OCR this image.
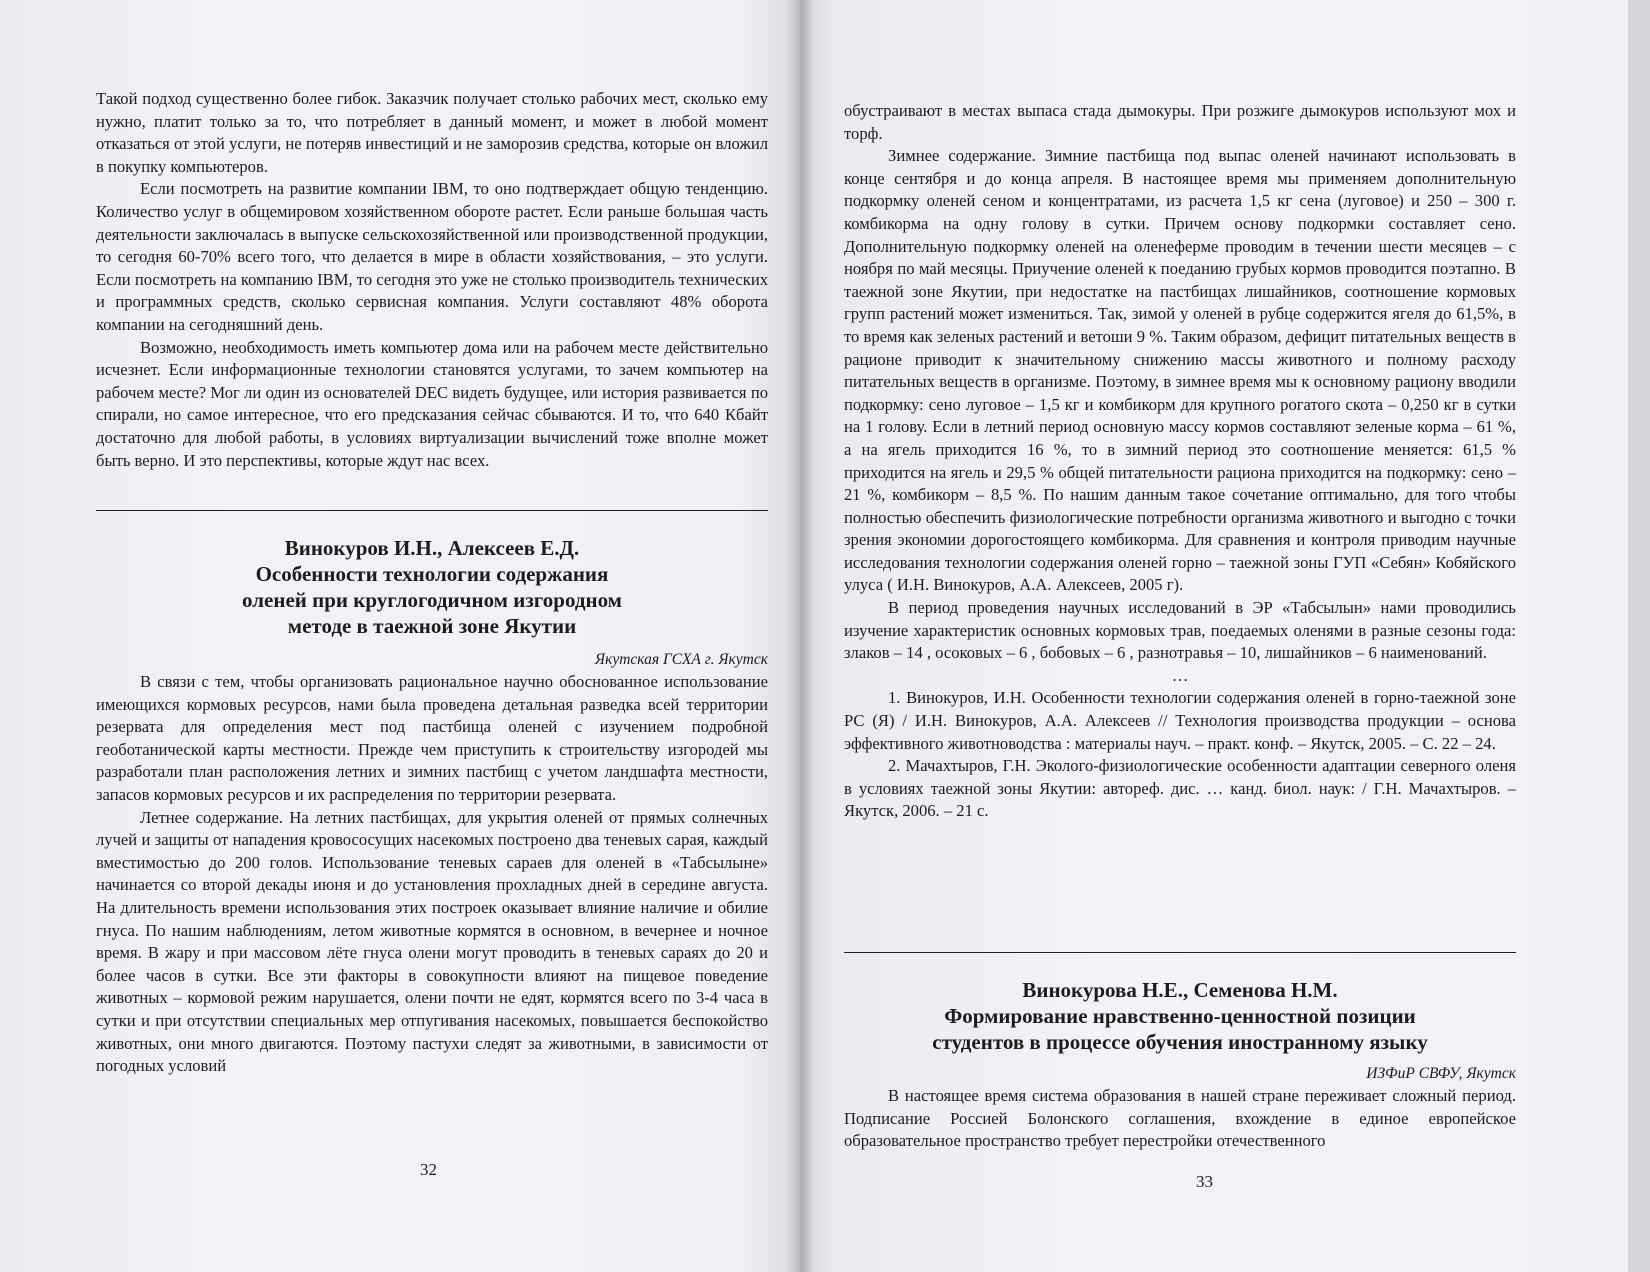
Такой подход существенно более гибок. Заказчик получает столько рабочих мест, сколько ему нужно, платит только за то, что потребляет в данный момент, и может в любой момент отказаться от этой услуги, не потеряв инвестиций и не заморозив средства, которые он вложил в покупку компьютеров.

Если посмотреть на развитие компании IBM, то оно подтверждает общую тенденцию. Количество услуг в общемировом хозяйственном обороте растет. Если раньше большая часть деятельности заключалась в выпуске сельскохозяйственной или производственной продукции, то сегодня 60-70% всего того, что делается в мире в области хозяйствования, – это услуги. Если посмотреть на компанию IBM, то сегодня это уже не столько производитель технических и программных средств, сколько сервисная компания. Услуги составляют 48% оборота компании на сегодняшний день.

Возможно, необходимость иметь компьютер дома или на рабочем месте действительно исчезнет. Если информационные технологии становятся услугами, то зачем компьютер на рабочем месте? Мог ли один из основателей DEC видеть будущее, или история развивается по спирали, но самое интересное, что его предсказания сейчас сбываются. И то, что 640 Кбайт достаточно для любой работы, в условиях виртуализации вычислений тоже вполне может быть верно. И это перспективы, которые ждут нас всех.

Винокуров И.Н., Алексеев Е.Д.
Особенности технологии содержания
оленей при круглогодичном изгородном
методе в таежной зоне Якутии
Якутская ГСХА г. Якутск

В связи с тем, чтобы организовать рациональное научно обоснованное использование имеющихся кормовых ресурсов, нами была проведена детальная разведка всей территории резервата для определения мест под пастбища оленей с изучением подробной геоботанической карты местности. Прежде чем приступить к строительству изгородей мы разработали план расположения летних и зимних пастбищ с учетом ландшафта местности, запасов кормовых ресурсов и их распределения по территории резервата.

Летнее содержание. На летних пастбищах, для укрытия оленей от прямых солнечных лучей и защиты от нападения кровососущих насекомых построено два теневых сарая, каждый вместимостью до 200 голов. Использование теневых сараев для оленей в «Табсылыне» начинается со второй декады июня и до установления прохладных дней в середине августа. На длительность времени использования этих построек оказывает влияние наличие и обилие гнуса. По нашим наблюдениям, летом животные кормятся в основном, в вечернее и ночное время. В жару и при массовом лёте гнуса олени могут проводить в теневых сараях до 20 и более часов в сутки. Все эти факторы в совокупности влияют на пищевое поведение животных – кормовой режим нарушается, олени почти не едят, кормятся всего по 3-4 часа в сутки и при отсутствии специальных мер отпугивания насекомых, повышается беспокойство животных, они много двигаются. Поэтому пастухи следят за животными, в зависимости от погодных условий

32

обустраивают в местах выпаса стада дымокуры. При розжиге дымокуров используют мох и торф.

Зимнее содержание. Зимние пастбища под выпас оленей начинают использовать в конце сентября и до конца апреля. В настоящее время мы применяем дополнительную подкормку оленей сеном и концентратами, из расчета 1,5 кг сена (луговое) и 250 – 300 г. комбикорма на одну голову в сутки. Причем основу подкормки составляет сено. Дополнительную подкормку оленей на оленеферме проводим в течении шести месяцев – с ноября по май месяцы. Приучение оленей к поеданию грубых кормов проводится поэтапно. В таежной зоне Якутии, при недостатке на пастбищах лишайников, соотношение кормовых групп растений может измениться. Так, зимой у оленей в рубце содержится ягеля до 61,5%, в то время как зеленых растений и ветоши 9 %. Таким образом, дефицит питательных веществ в рационе приводит к значительному снижению массы животного и полному расходу питательных веществ в организме. Поэтому, в зимнее время мы к основному рациону вводили подкормку: сено луговое – 1,5 кг и комбикорм для крупного рогатого скота – 0,250 кг в сутки на 1 голову. Если в летний период основную массу кормов составляют зеленые корма – 61 %, а на ягель приходится 16 %, то в зимний период это соотношение меняется: 61,5 % приходится на ягель и 29,5 % общей питательности рациона приходится на подкормку: сено – 21 %, комбикорм – 8,5 %. По нашим данным такое сочетание оптимально, для того чтобы полностью обеспечить физиологические потребности организма животного и выгодно с точки зрения экономии дорогостоящего комбикорма. Для сравнения и контроля приводим научные исследования технологии содержания оленей горно – таежной зоны ГУП «Себян» Кобяйского улуса ( И.Н. Винокуров, А.А. Алексеев, 2005 г).

В период проведения научных исследований в ЭР «Табсылын» нами проводились изучение характеристик основных кормовых трав, поедаемых оленями в разные сезоны года: злаков – 14 , осоковых – 6 , бобовых – 6 , разнотравья – 10, лишайников – 6 наименований.

…

1. Винокуров, И.Н. Особенности технологии содержания оленей в горно-таежной зоне РС (Я) / И.Н. Винокуров, А.А. Алексеев // Технология производства продукции – основа эффективного животноводства : материалы науч. – практ. конф. – Якутск, 2005. – С. 22 – 24.

2. Мачахтыров, Г.Н. Эколого-физиологические особенности адаптации северного оленя в условиях таежной зоны Якутии: автореф. дис. … канд. биол. наук: / Г.Н. Мачахтыров. – Якутск, 2006. – 21 с.

Винокурова Н.Е., Семенова Н.М.
Формирование нравственно-ценностной позиции
студентов в процессе обучения иностранному языку
ИЗФиР СВФУ, Якутск

В настоящее время система образования в нашей стране переживает сложный период. Подписание Россией Болонского соглашения, вхождение в единое европейское образовательное пространство требует перестройки отечественного

33
